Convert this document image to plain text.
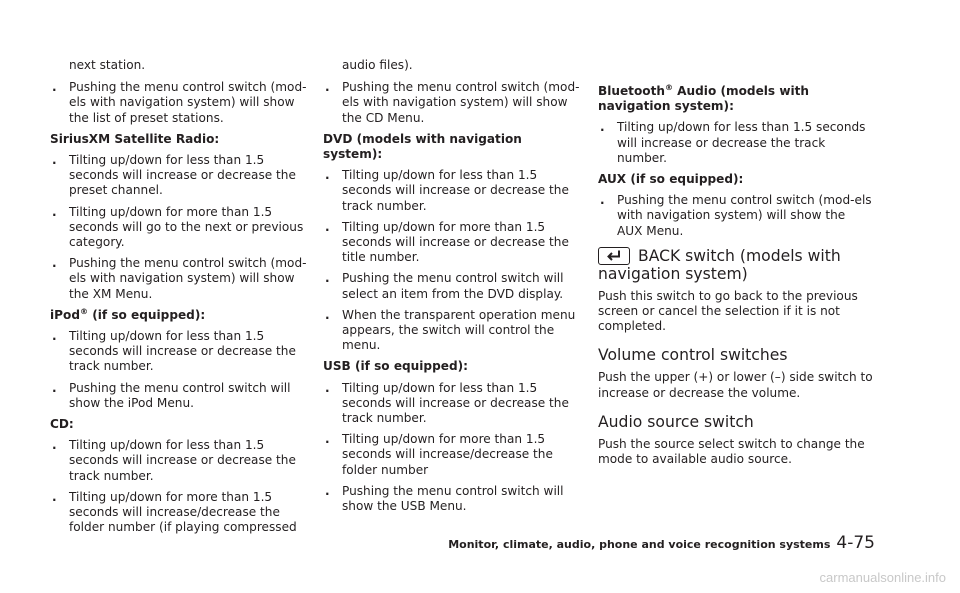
next station.

. Pushing the menu control switch (mod-els with navigation system) will show the list of preset stations.
SiriusXM Satellite Radio:
. Tilting up/down for less than 1.5 seconds will increase or decrease the preset channel.
. Tilting up/down for more than 1.5 seconds will go to the next or previous category.
. Pushing the menu control switch (mod-els with navigation system) will show the XM Menu.
iPod® (if so equipped):
. Tilting up/down for less than 1.5 seconds will increase or decrease the track number.
. Pushing the menu control switch will show the iPod Menu.
CD:
. Tilting up/down for less than 1.5 seconds will increase or decrease the track number.
. Tilting up/down for more than 1.5 seconds will increase/decrease the folder number (if playing compressed

audio files).

. Pushing the menu control switch (mod-els with navigation system) will show the CD Menu.
DVD (models with navigation system):
. Tilting up/down for less than 1.5 seconds will increase or decrease the track number.
. Tilting up/down for more than 1.5 seconds will increase or decrease the title number.
. Pushing the menu control switch will select an item from the DVD display.
. When the transparent operation menu appears, the switch will control the menu.
USB (if so equipped):
. Tilting up/down for less than 1.5 seconds will increase or decrease the track number.
. Tilting up/down for more than 1.5 seconds will increase/decrease the folder number
. Pushing the menu control switch will show the USB Menu.
Bluetooth® Audio (models with navigation system):
. Tilting up/down for less than 1.5 seconds will increase or decrease the track number.
AUX (if so equipped):
. Pushing the menu control switch (mod-els with navigation system) will show the AUX Menu.
BACK switch (models with
navigation system)
Push this switch to go back to the previous screen or cancel the selection if it is not completed.
Volume control switches
Push the upper (+) or lower (–) side switch to increase or decrease the volume.
Audio source switch
Push the source select switch to change the mode to available audio source.
Monitor, climate, audio, phone and voice recognition systems 4-75
carmanualsonline.info
